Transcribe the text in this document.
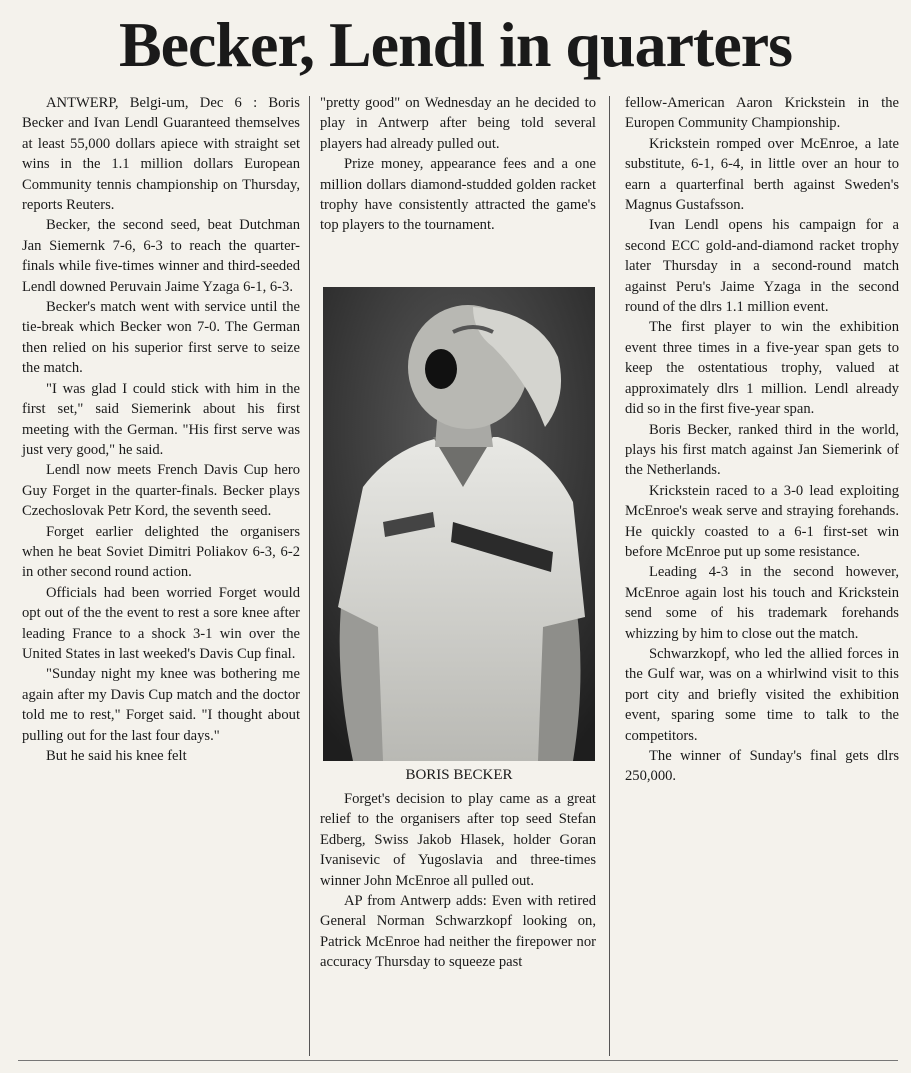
Becker, Lendl in quarters

ANTWERP, Belgi-um, Dec 6 : Boris Becker and Ivan Lendl Guaranteed themselves at least 55,000 dollars apiece with straight set wins in the 1.1 million dollars European Community tennis championship on Thursday, reports Reuters.

Becker, the second seed, beat Dutchman Jan Siemernk 7-6, 6-3 to reach the quarter-finals while five-times winner and third-seeded Lendl downed Peruvain Jaime Yzaga 6-1, 6-3.

Becker's match went with service until the tie-break which Becker won 7-0. The German then relied on his superior first serve to seize the match.

"I was glad I could stick with him in the first set," said Siemerink about his first meeting with the German. "His first serve was just very good," he said.

Lendl now meets French Davis Cup hero Guy Forget in the quarter-finals. Becker plays Czechoslovak Petr Kord, the seventh seed.

Forget earlier delighted the organisers when he beat Soviet Dimitri Poliakov 6-3, 6-2 in other second round action.

Officials had been worried Forget would opt out of the the event to rest a sore knee after leading France to a shock 3-1 win over the United States in last weeked's Davis Cup final.

"Sunday night my knee was bothering me again after my Davis Cup match and the doctor told me to rest," Forget said. "I thought about pulling out for the last four days."

But he said his knee felt

"pretty good" on Wednesday an he decided to play in Antwerp after being told several players had already pulled out.

Prize money, appearance fees and a one million dollars diamond-studded golden racket trophy have consistently attracted the game's top players to the tournament.

Forget's decision to play came as a great relief to the organisers after top seed Stefan Edberg, Swiss Jakob Hlasek, holder Goran Ivanisevic of Yugoslavia and three-times winner John McEnroe all pulled out.

AP from Antwerp adds: Even with retired General Norman Schwarzkopf looking on, Patrick McEnroe had neither the firepower nor accuracy Thursday to squeeze past

BORIS BECKER

fellow-American Aaron Krickstein in the Europen Community Championship.

Krickstein romped over McEnroe, a late substitute, 6-1, 6-4, in little over an hour to earn a quarterfinal berth against Sweden's Magnus Gustafsson.

Ivan Lendl opens his campaign for a second ECC gold-and-diamond racket trophy later Thursday in a second-round match against Peru's Jaime Yzaga in the second round of the dlrs 1.1 million event.

The first player to win the exhibition event three times in a five-year span gets to keep the ostentatious trophy, valued at approximately dlrs 1 million. Lendl already did so in the first five-year span.

Boris Becker, ranked third in the world, plays his first match against Jan Siemerink of the Netherlands.

Krickstein raced to a 3-0 lead exploiting McEnroe's weak serve and straying forehands. He quickly coasted to a 6-1 first-set win before McEnroe put up some resistance.

Leading 4-3 in the second however, McEnroe again lost his touch and Krickstein send some of his trademark forehands whizzing by him to close out the match.

Schwarzkopf, who led the allied forces in the Gulf war, was on a whirlwind visit to this port city and briefly visited the exhibition event, sparing some time to talk to the competitors.

The winner of Sunday's final gets dlrs 250,000.
